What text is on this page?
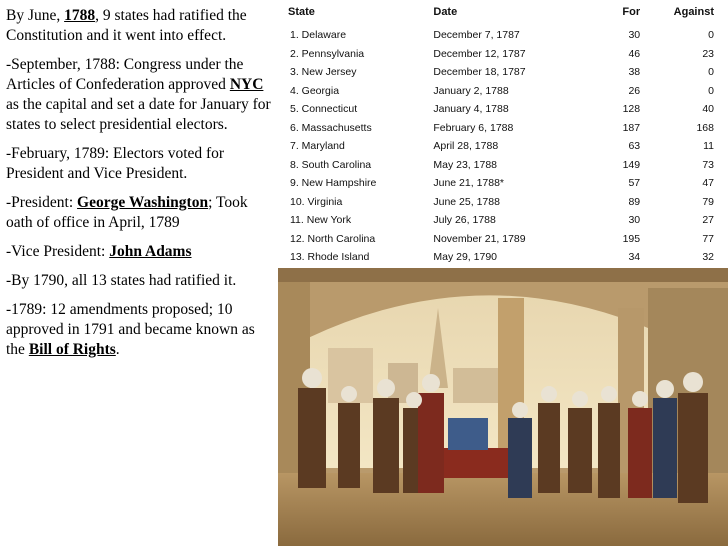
By June, 1788, 9 states had ratified the Constitution and it went into effect.

-September, 1788: Congress under the Articles of Confederation approved NYC as the capital and set a date for January for states to select presidential electors.

-February, 1789: Electors voted for President and Vice President.

-President: George Washington; Took oath of office in April, 1789

-Vice President: John Adams

-By 1790, all 13 states had ratified it.

-1789: 12 amendments proposed; 10 approved in 1791 and became known as the Bill of Rights.

State	Date	For	Against
1. Delaware	December 7, 1787	30	0
2. Pennsylvania	December 12, 1787	46	23
3. New Jersey	December 18, 1787	38	0
4. Georgia	January 2, 1788	26	0
5. Connecticut	January 4, 1788	128	40
6. Massachusetts	February 6, 1788	187	168
7. Maryland	April 28, 1788	63	11
8. South Carolina	May 23, 1788	149	73
9. New Hampshire	June 21, 1788*	57	47
10. Virginia	June 25, 1788	89	79
11. New York	July 26, 1788	30	27
12. North Carolina	November 21, 1789	195	77
13. Rhode Island	May 29, 1790	34	32
